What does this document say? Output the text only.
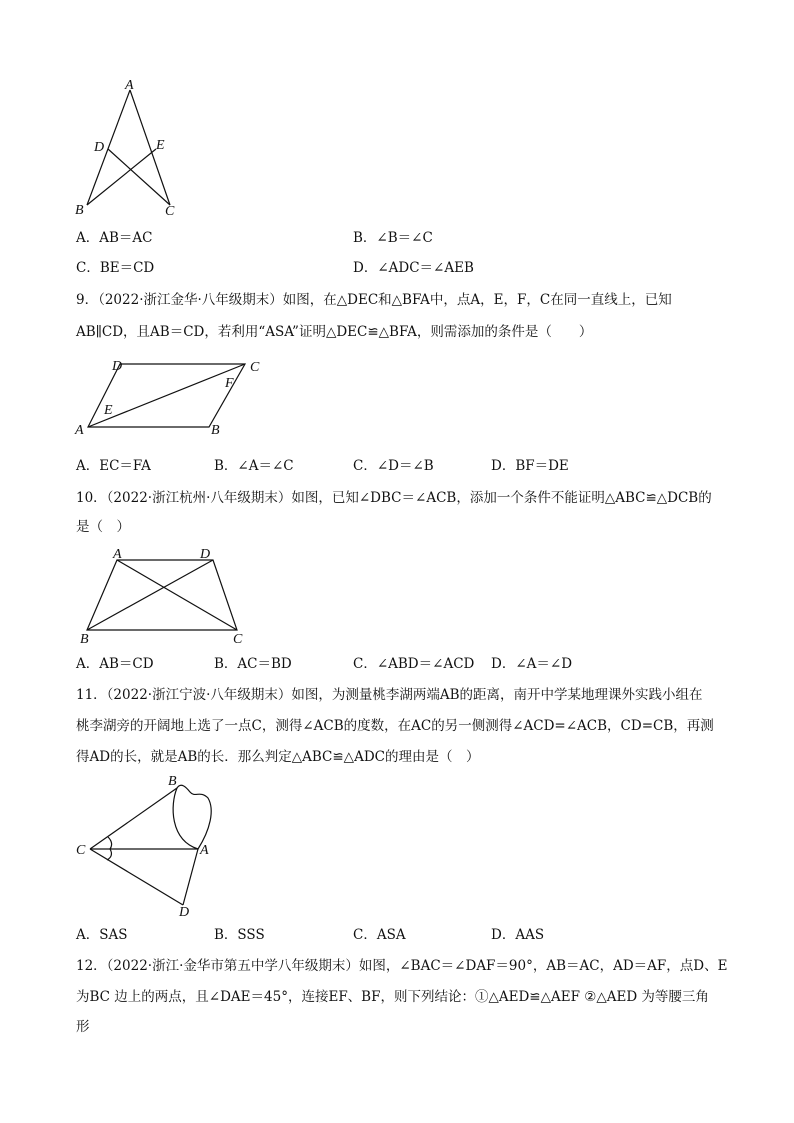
A
D	E
B	C
A．AB＝AC	B．∠B＝∠C
C．BE＝CD	D．∠ADC＝∠AEB
9．（2022·浙江金华·八年级期末）如图，在△DEC和△BFA中，点A，E，F，C在同一直线上，已知
AB∥CD，且AB＝CD，若利用“ASA”证明△DEC≌△BFA，则需添加的条件是（　　）
D	C
F
E
A	B
A．EC＝FA	B．∠A＝∠C	C．∠D＝∠B	D．BF＝DE
10．（2022·浙江杭州·八年级期末）如图，已知∠DBC＝∠ACB，添加一个条件不能证明△ABC≌△DCB的
是（　）
A	D
B	C
A．AB＝CD	B．AC＝BD	C．∠ABD＝∠ACD D．∠A＝∠D
11．（2022·浙江宁波·八年级期末）如图，为测量桃李湖两端AB的距离，南开中学某地理课外实践小组在
桃李湖旁的开阔地上选了一点C，测得∠ACB的度数，在AC的另一侧测得∠ACD=∠ACB，CD=CB，再测
得AD的长，就是AB的长．那么判定△ABC≌△ADC的理由是（　）
B
C	A
D
A．SAS	B．SSS	C．ASA	D．AAS
12．（2022·浙江·金华市第五中学八年级期末）如图，∠BAC＝∠DAF＝90°，AB＝AC，AD＝AF，点D、E
为BC 边上的两点，且∠DAE＝45°，连接EF、BF，则下列结论：①△AED≌△AEF ②△AED 为等腰三角
形
